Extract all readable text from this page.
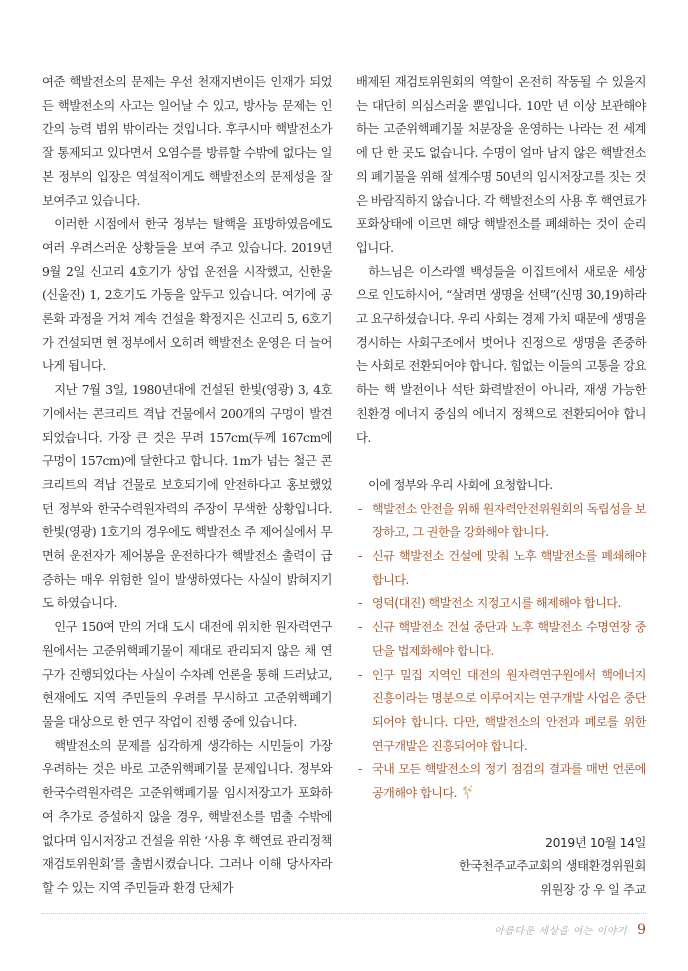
여준 핵발전소의 문제는 우선 천재지변이든 인재가 되었든 핵발전소의 사고는 일어날 수 있고, 방사능 문제는 인간의 능력 범위 밖이라는 것입니다. 후쿠시마 핵발전소가 잘 통제되고 있다면서 오염수를 방류할 수밖에 없다는 일본 정부의 입장은 역설적이게도 핵발전소의 문제성을 잘 보여주고 있습니다.

이러한 시점에서 한국 정부는 탈핵을 표방하였음에도 여러 우려스러운 상황들을 보여 주고 있습니다. 2019년 9월 2일 신고리 4호기가 상업 운전을 시작했고, 신한울(신울진) 1, 2호기도 가동을 앞두고 있습니다. 여기에 공론화 과정을 거쳐 계속 건설을 확정지은 신고리 5, 6호기가 건설되면 현 정부에서 오히려 핵발전소 운영은 더 늘어나게 됩니다.

지난 7월 3일, 1980년대에 건설된 한빛(영광) 3, 4호기에서는 콘크리트 격납 건물에서 200개의 구멍이 발견되었습니다. 가장 큰 것은 무려 157cm(두께 167cm에 구멍이 157cm)에 달한다고 합니다. 1m가 넘는 철근 콘크리트의 격납 건물로 보호되기에 안전하다고 홍보했었던 정부와 한국수력원자력의 주장이 무색한 상황입니다. 한빛(영광) 1호기의 경우에도 핵발전소 주 제어실에서 무면허 운전자가 제어봉을 운전하다가 핵발전소 출력이 급증하는 매우 위험한 일이 발생하였다는 사실이 밝혀지기도 하였습니다.

인구 150여 만의 거대 도시 대전에 위치한 원자력연구원에서는 고준위핵폐기물이 제대로 관리되지 않은 채 연구가 진행되었다는 사실이 수차례 언론을 통해 드러났고, 현재에도 지역 주민들의 우려를 무시하고 고준위핵폐기물을 대상으로 한 연구 작업이 진행 중에 있습니다.

핵발전소의 문제를 심각하게 생각하는 시민들이 가장 우려하는 것은 바로 고준위핵폐기물 문제입니다. 정부와 한국수력원자력은 고준위핵폐기물 임시저장고가 포화하여 추가로 증설하지 않을 경우, 핵발전소를 멈출 수밖에 없다며 임시저장고 건설을 위한 ‘사용 후 핵연료 관리정책 재검토위원회’를 출범시켰습니다. 그러나 이해 당사자라 할 수 있는 지역 주민들과 환경 단체가

배제된 재검토위원회의 역할이 온전히 작동될 수 있을지는 대단히 의심스러울 뿐입니다. 10만 년 이상 보관해야 하는 고준위핵폐기물 처분장을 운영하는 나라는 전 세계에 단 한 곳도 없습니다. 수명이 얼마 남지 않은 핵발전소의 폐기물을 위해 설계수명 50년의 임시저장고를 짓는 것은 바람직하지 않습니다. 각 핵발전소의 사용 후 핵연료가 포화상태에 이르면 해당 핵발전소를 폐쇄하는 것이 순리입니다.

하느님은 이스라엘 백성들을 이집트에서 새로운 세상으로 인도하시어, “살려면 생명을 선택”(신명 30,19)하라고 요구하셨습니다. 우리 사회는 경제 가치 때문에 생명을 경시하는 사회구조에서 벗어나 진정으로 생명을 존중하는 사회로 전환되어야 합니다. 힘없는 이들의 고통을 강요하는 핵 발전이나 석탄 화력발전이 아니라, 재생 가능한 친환경 에너지 중심의 에너지 정책으로 전환되어야 합니다.

이에 정부와 우리 사회에 요청합니다.

- 핵발전소 안전을 위해 원자력안전위원회의 독립성을 보장하고, 그 권한을 강화해야 합니다.
- 신규 핵발전소 건설에 맞춰 노후 핵발전소를 폐쇄해야 합니다.
- 영덕(대진) 핵발전소 지정고시를 해제해야 합니다.
- 신규 핵발전소 건설 중단과 노후 핵발전소 수명연장 중단을 법제화해야 합니다.
- 인구 밀집 지역인 대전의 원자력연구원에서 핵에너지 진흥이라는 명분으로 이루어지는 연구개발 사업은 중단되어야 합니다. 다만, 핵발전소의 안전과 폐로를 위한 연구개발은 진흥되어야 합니다.
- 국내 모든 핵발전소의 정기 점검의 결과를 매번 언론에 공개해야 합니다.
2019년 10월 14일
한국천주교주교회의 생태환경위원회
위원장 강 우 일 주교
아름다운 세상을 여는 이야기 9
